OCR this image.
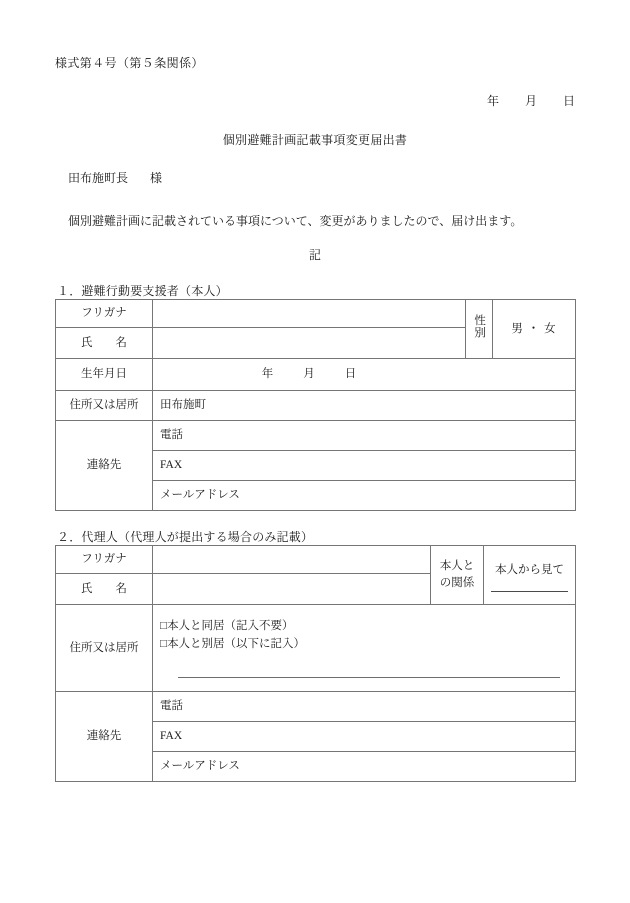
様式第４号（第５条関係）
年 月 日
個別避難計画記載事項変更届出書
田布施町長 様
個別避難計画に記載されている事項について、変更がありましたので、届け出ます。
記
１．避難行動要支援者（本人）
フリガナ		性別	男 ・ 女
氏　　名			
生年月日	年 月 日		
住所又は居所	田布施町		
連絡先	電話		
	FAX		
	メールアドレス		
２．代理人（代理人が提出する場合のみ記載）
フリガナ		本人との関係	本人から見て

氏　　名			
住所又は居所	□本人と同居（記入不要）
□本人と別居（以下に記入）		

連絡先	電話		
	FAX		
	メールアドレス		
